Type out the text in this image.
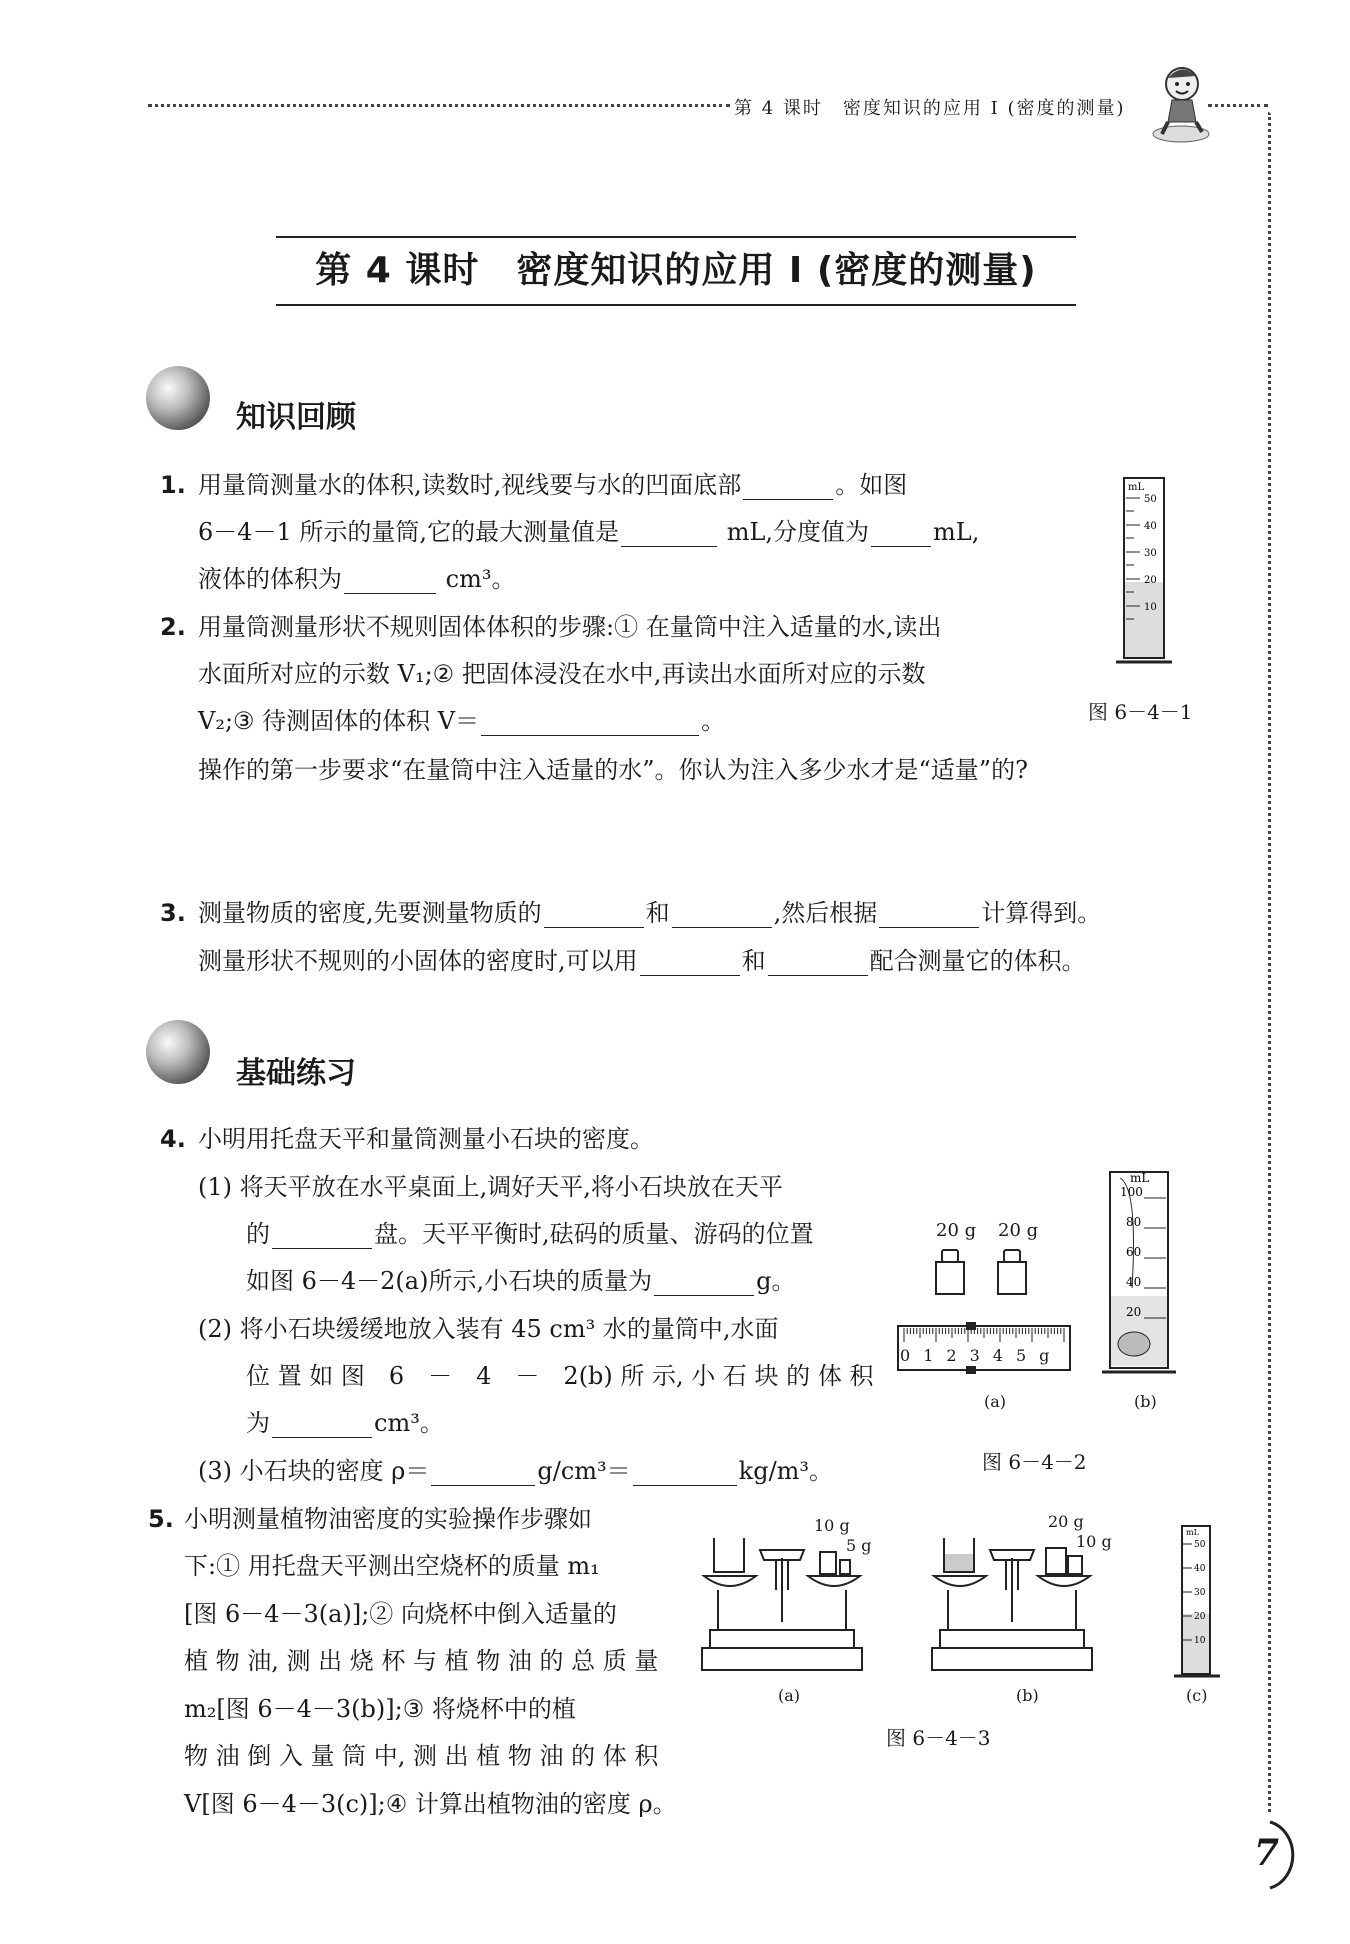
第 4 课时　密度知识的应用 Ⅰ (密度的测量)
第 4 课时　密度知识的应用 Ⅰ (密度的测量)
知识回顾
1. 用量筒测量水的体积,读数时,视线要与水的凹面底部	。如图
6－4－1 所示的量筒,它的最大测量值是	mL,分度值为	mL,
液体的体积为	cm³。
mL
50
40
30
20
10
图 6－4－1
2. 用量筒测量形状不规则固体体积的步骤:① 在量筒中注入适量的水,读出
水面所对应的示数 V₁;② 把固体浸没在水中,再读出水面所对应的示数
V₂;③ 待测固体的体积 V＝	。
操作的第一步要求“在量筒中注入适量的水”。你认为注入多少水才是“适量”的?
3. 测量物质的密度,先要测量物质的	和	,然后根据	计算得到。
测量形状不规则的小固体的密度时,可以用	和	配合测量它的体积。
基础练习
4. 小明用托盘天平和量筒测量小石块的密度。
(1) 将天平放在水平桌面上,调好天平,将小石块放在天平
的	盘。天平平衡时,砝码的质量、游码的位置
如图 6－4－2(a)所示,小石块的质量为	g。
(2) 将小石块缓缓地放入装有 45 cm³ 水的量筒中,水面
位 置 如 图　6　－　4　－　2(b) 所 示, 小 石 块 的 体 积
为	cm³。
(3) 小石块的密度 ρ＝	g/cm³＝	kg/m³。
20 g 20 g
012345g
(a)
mL
100
80
60
40
20
(b)
图 6－4－2
5. 小明测量植物油密度的实验操作步骤如
下:① 用托盘天平测出空烧杯的质量 m₁
[图 6－4－3(a)];② 向烧杯中倒入适量的
植 物 油, 测 出 烧 杯 与 植 物 油 的 总 质 量
m₂[图 6－4－3(b)];③ 将烧杯中的植
物 油 倒 入 量 筒 中, 测 出 植 物 油 的 体 积
V[图 6－4－3(c)];④ 计算出植物油的密度 ρ。
10 g
5 g
(a)
20 g
10 g
(b)
mL
50
40
30
20
10
(c)
图 6－4－3
7
